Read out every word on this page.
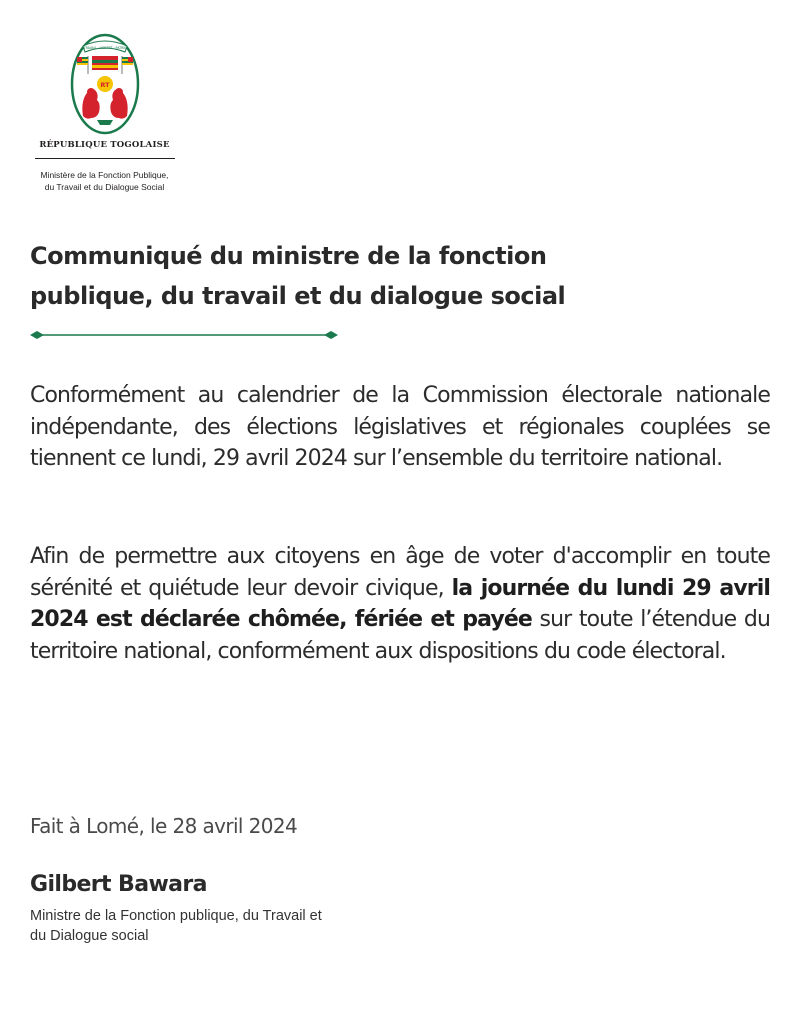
TRAVAIL · LIBERTÉ · PATRIE
RT
RÉPUBLIQUE TOGOLAISE
Ministère de la Fonction Publique,
du Travail et du Dialogue Social
Communiqué du ministre de la fonction
publique, du travail et du dialogue social

Conformément au calendrier de la Commission électorale nationale indépendante, des élections législatives et régionales couplées se tiennent ce lundi, 29 avril 2024 sur l’ensemble du territoire national.

Afin de permettre aux citoyens en âge de voter d'accomplir en toute sérénité et quiétude leur devoir civique, la journée du lundi 29 avril 2024 est déclarée chômée, fériée et payée sur toute l’étendue du territoire national, conformément aux dispositions du code électoral.

Fait à Lomé, le 28 avril 2024
Gilbert Bawara
Ministre de la Fonction publique, du Travail et
du Dialogue social
